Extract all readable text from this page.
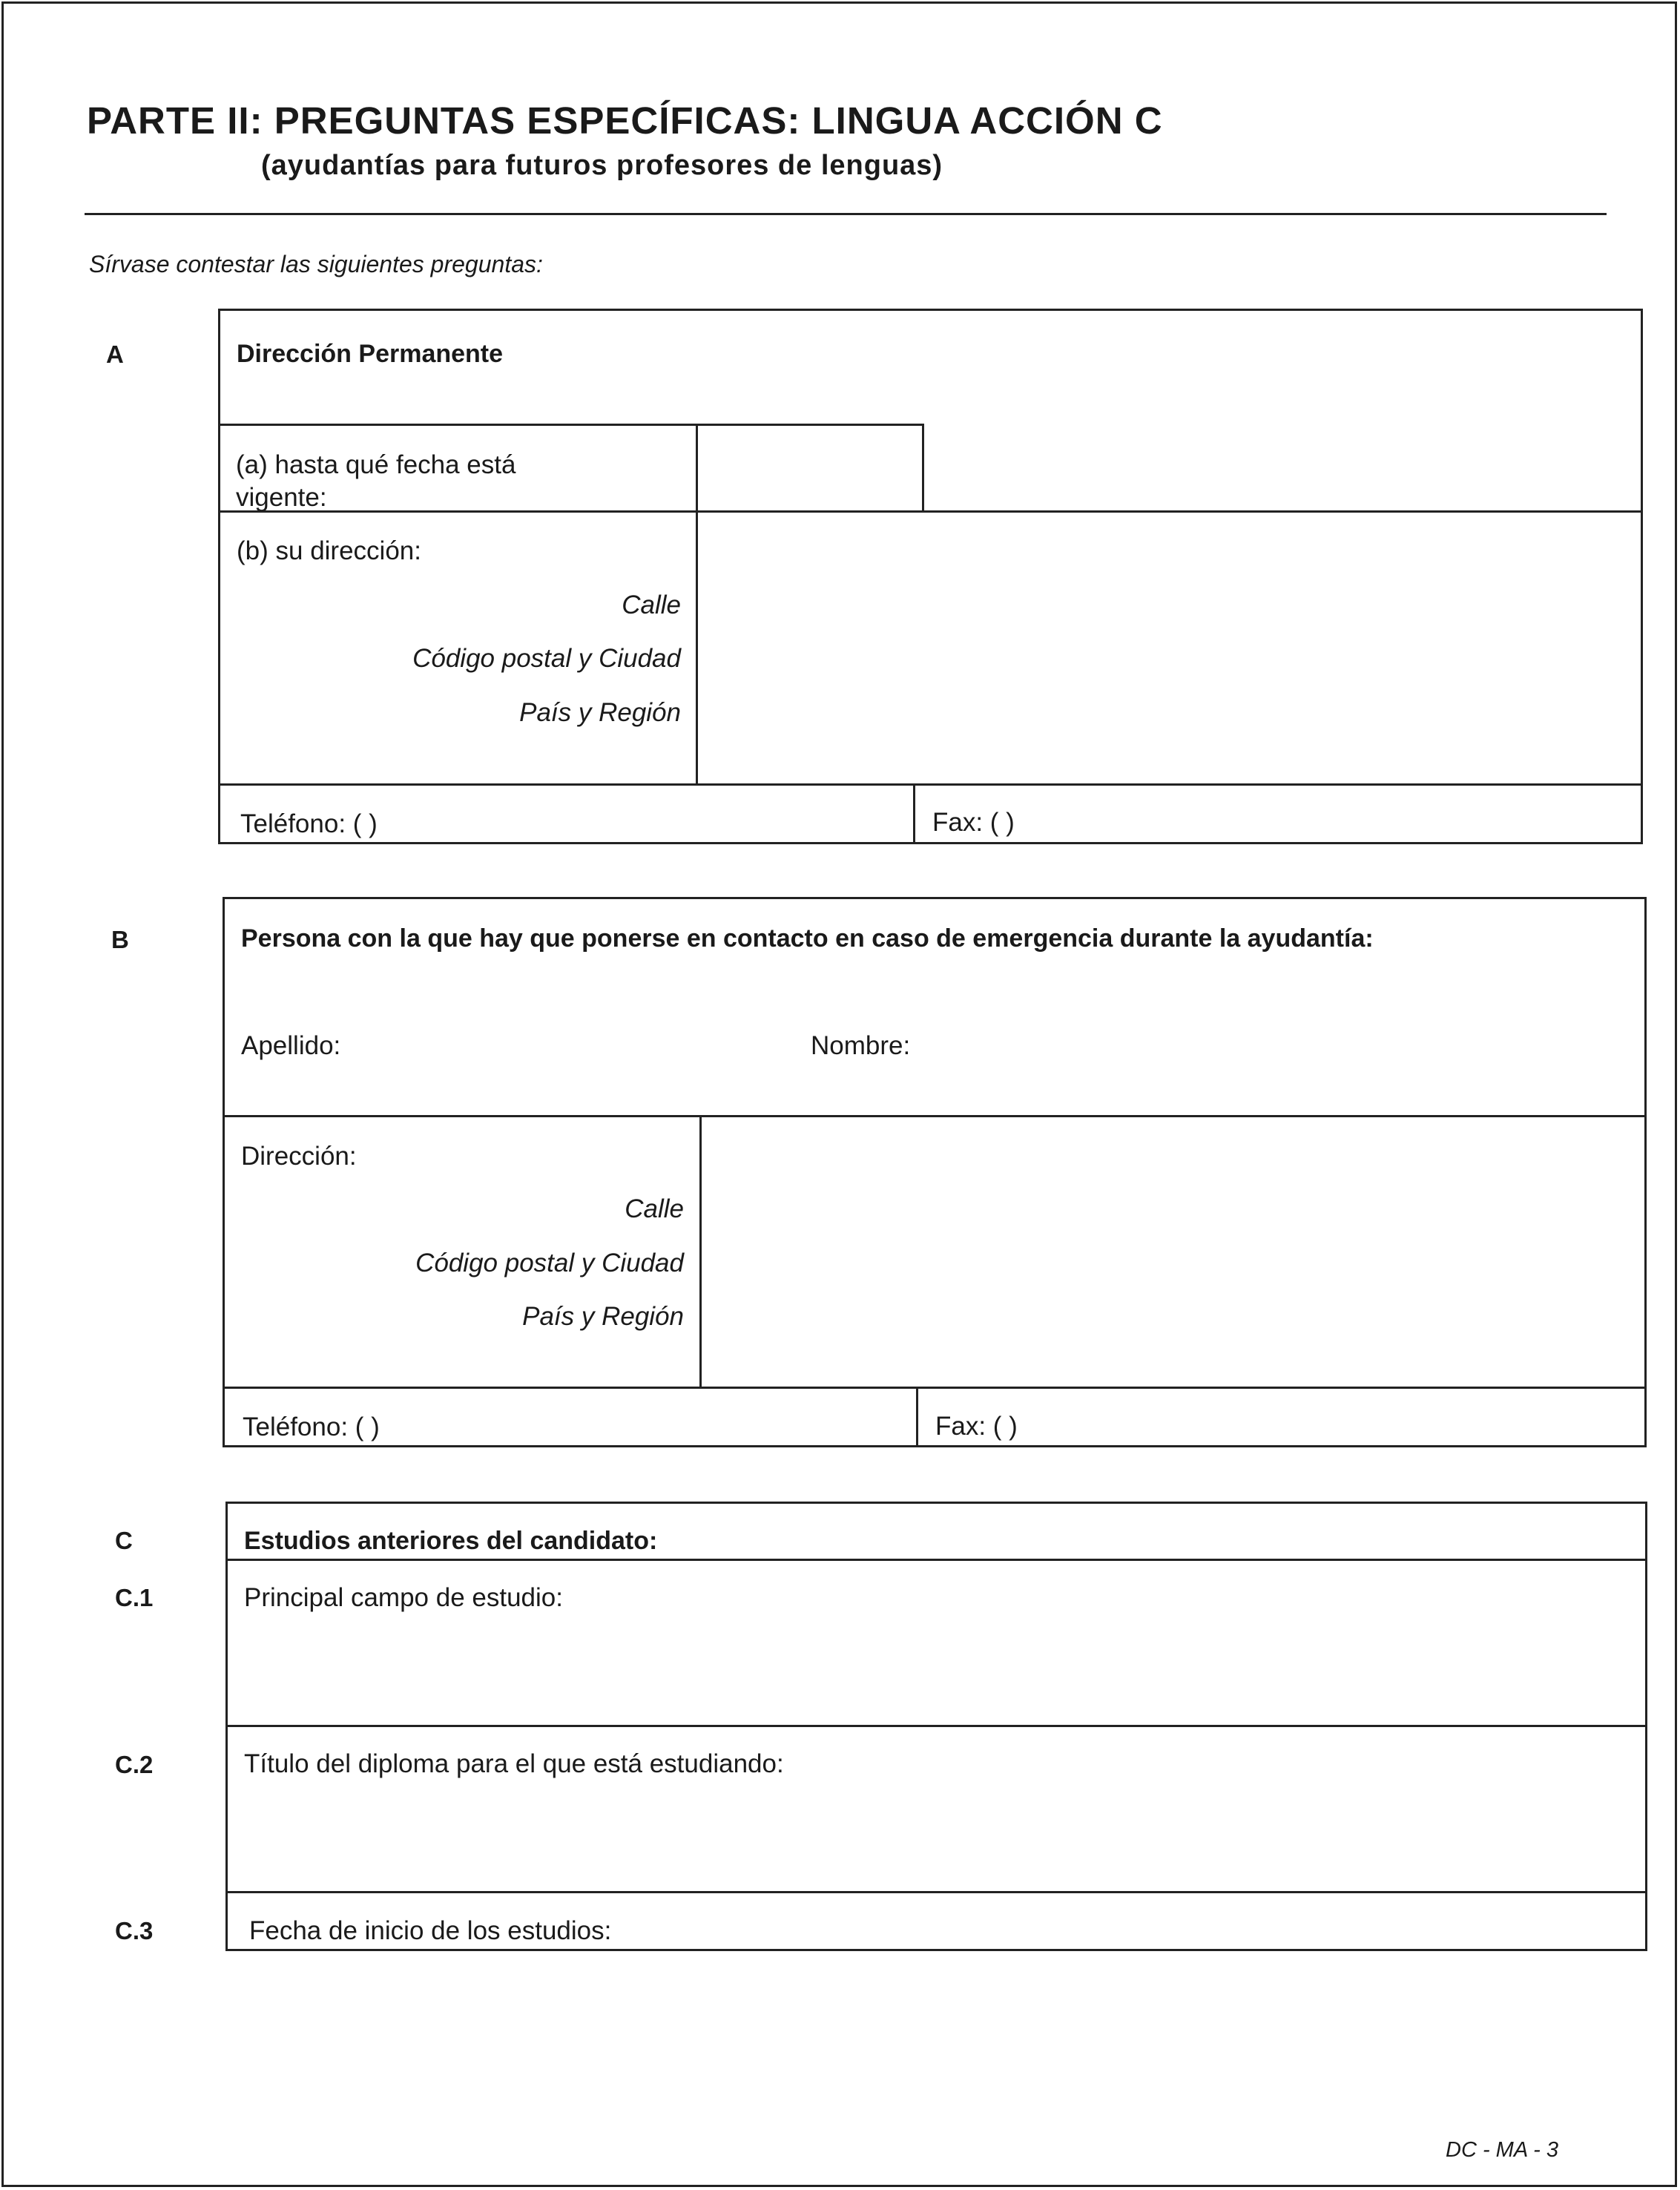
PARTE II: PREGUNTAS ESPECÍFICAS: LINGUA ACCIÓN C
(ayudantías para futuros profesores de lenguas)
Sírvase contestar las siguientes preguntas:
A	Dirección Permanente
(a) hasta qué fecha está vigente:
(b) su dirección:
Calle
Código postal y Ciudad
País y Región
Teléfono: ( )	Fax: ( )
B	Persona con la que hay que ponerse en contacto en caso de emergencia durante la ayudantía:
Apellido:	Nombre:
Dirección:
Calle
Código postal y Ciudad
País y Región
Teléfono: ( )	Fax: ( )
C	Estudios anteriores del candidato:
C.1	Principal campo de estudio:
C.2	Título del diploma para el que está estudiando:
C.3	Fecha de inicio de los estudios:
DC - MA - 3
